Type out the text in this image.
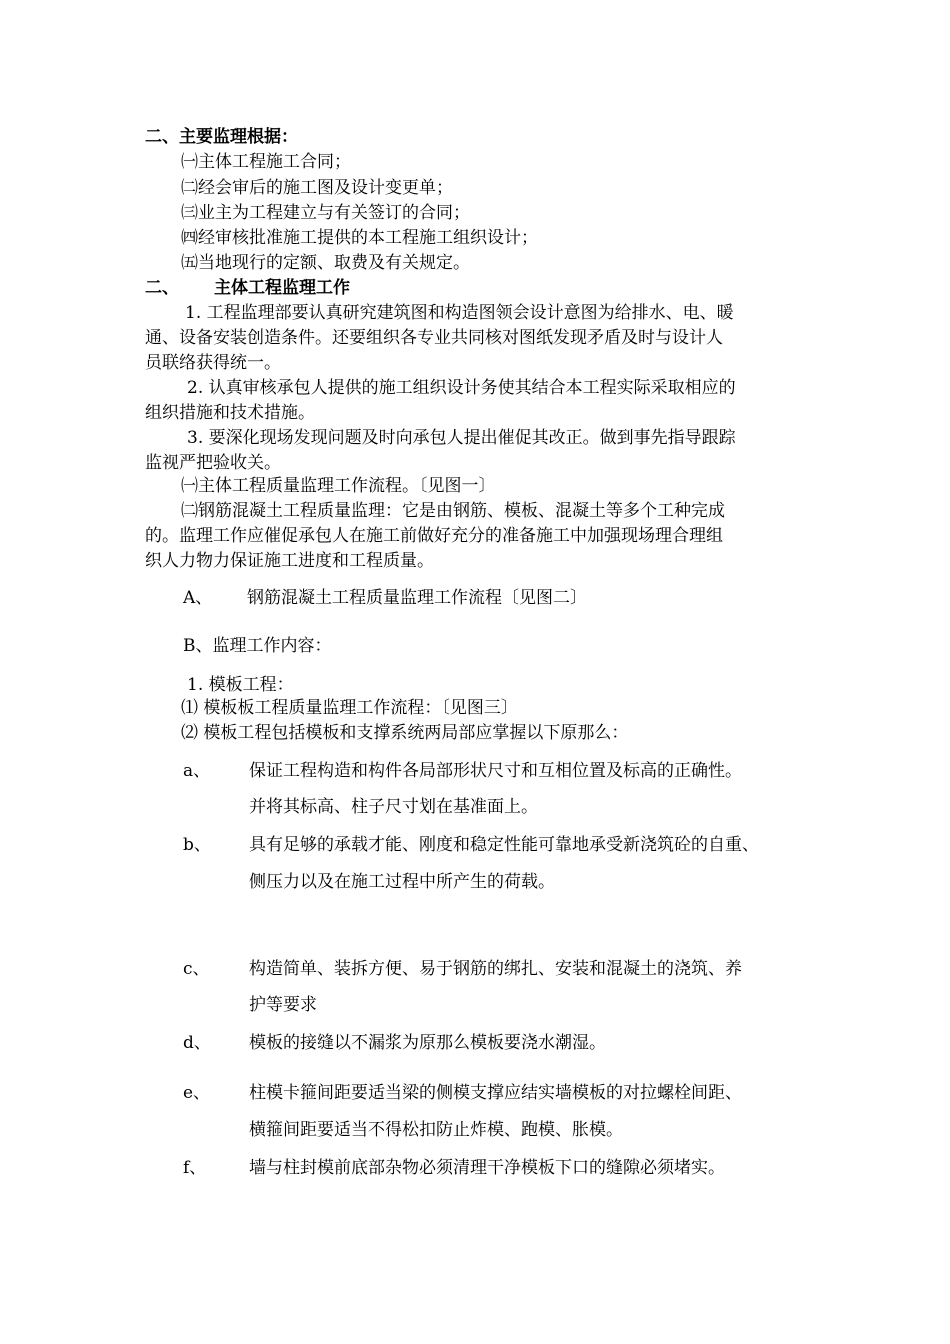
二、主要监理根据：
㈠主体工程施工合同；
㈡经会审后的施工图及设计变更单；
㈢业主为工程建立与有关签订的合同；
㈣经审核批准施工提供的本工程施工组织设计；
㈤当地现行的定额、取费及有关规定。
二、 主体工程监理工作
1. 工程监理部要认真研究建筑图和构造图领会设计意图为给排水、电、暖
通、设备安装创造条件。还要组织各专业共同核对图纸发现矛盾及时与设计人
员联络获得统一。
2. 认真审核承包人提供的施工组织设计务使其结合本工程实际采取相应的
组织措施和技术措施。
3. 要深化现场发现问题及时向承包人提出催促其改正。做到事先指导跟踪
监视严把验收关。
㈠主体工程质量监理工作流程。〔见图一〕
㈡钢筋混凝土工程质量监理：它是由钢筋、模板、混凝土等多个工种完成
的。监理工作应催促承包人在施工前做好充分的准备施工中加强现场理合理组
织人力物力保证施工进度和工程质量。
A、 钢筋混凝土工程质量监理工作流程〔见图二〕
B、监理工作内容：
1. 模板工程：
⑴ 模板板工程质量监理工作流程：〔见图三〕
⑵ 模板工程包括模板和支撑系统两局部应掌握以下原那么：
a、 保证工程构造和构件各局部形状尺寸和互相位置及标高的正确性。
并将其标高、柱子尺寸划在基准面上。
b、 具有足够的承载才能、刚度和稳定性能可靠地承受新浇筑砼的自重、
侧压力以及在施工过程中所产生的荷载。
c、 构造简单、装拆方便、易于钢筋的绑扎、安装和混凝土的浇筑、养
护等要求
d、 模板的接缝以不漏浆为原那么模板要浇水潮湿。
e、 柱模卡箍间距要适当梁的侧模支撑应结实墙模板的对拉螺栓间距、
横箍间距要适当不得松扣防止炸模、跑模、胀模。
f、	墙与柱封模前底部杂物必须清理干净模板下口的缝隙必须堵实。
